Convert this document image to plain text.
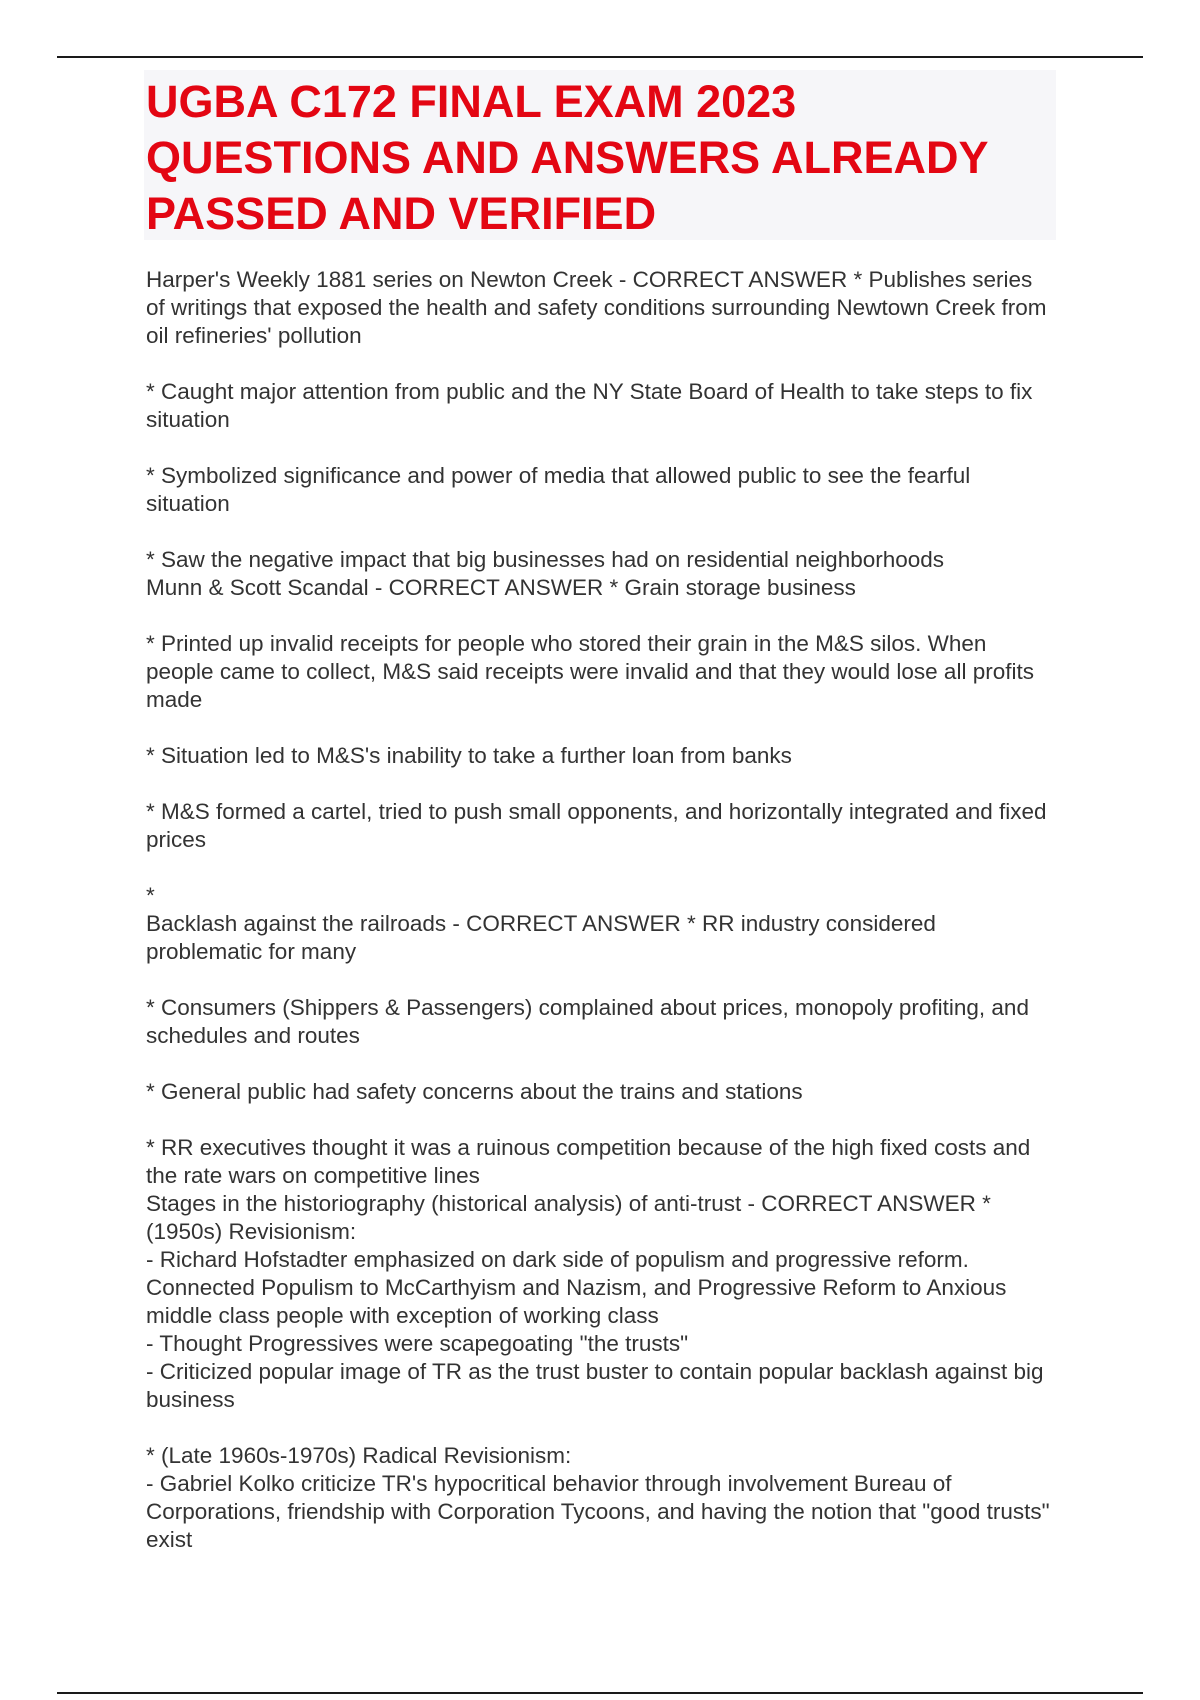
UGBA C172 FINAL EXAM 2023 QUESTIONS AND ANSWERS ALREADY PASSED AND VERIFIED

Harper's Weekly 1881 series on Newton Creek - CORRECT ANSWER * Publishes series of writings that exposed the health and safety conditions surrounding Newtown Creek from oil refineries' pollution

* Caught major attention from public and the NY State Board of Health to take steps to fix situation

* Symbolized significance and power of media that allowed public to see the fearful situation

* Saw the negative impact that big businesses had on residential neighborhoods
Munn & Scott Scandal - CORRECT ANSWER * Grain storage business

* Printed up invalid receipts for people who stored their grain in the M&S silos. When people came to collect, M&S said receipts were invalid and that they would lose all profits made

* Situation led to M&S's inability to take a further loan from banks

* M&S formed a cartel, tried to push small opponents, and horizontally integrated and fixed prices

*
Backlash against the railroads - CORRECT ANSWER * RR industry considered problematic for many

* Consumers (Shippers & Passengers) complained about prices, monopoly profiting, and schedules and routes

* General public had safety concerns about the trains and stations

* RR executives thought it was a ruinous competition because of the high fixed costs and the rate wars on competitive lines
Stages in the historiography (historical analysis) of anti-trust - CORRECT ANSWER * (1950s) Revisionism:
- Richard Hofstadter emphasized on dark side of populism and progressive reform. Connected Populism to McCarthyism and Nazism, and Progressive Reform to Anxious middle class people with exception of working class
- Thought Progressives were scapegoating "the trusts"
- Criticized popular image of TR as the trust buster to contain popular backlash against big business

* (Late 1960s-1970s) Radical Revisionism:
- Gabriel Kolko criticize TR's hypocritical behavior through involvement Bureau of Corporations, friendship with Corporation Tycoons, and having the notion that "good trusts" exist
